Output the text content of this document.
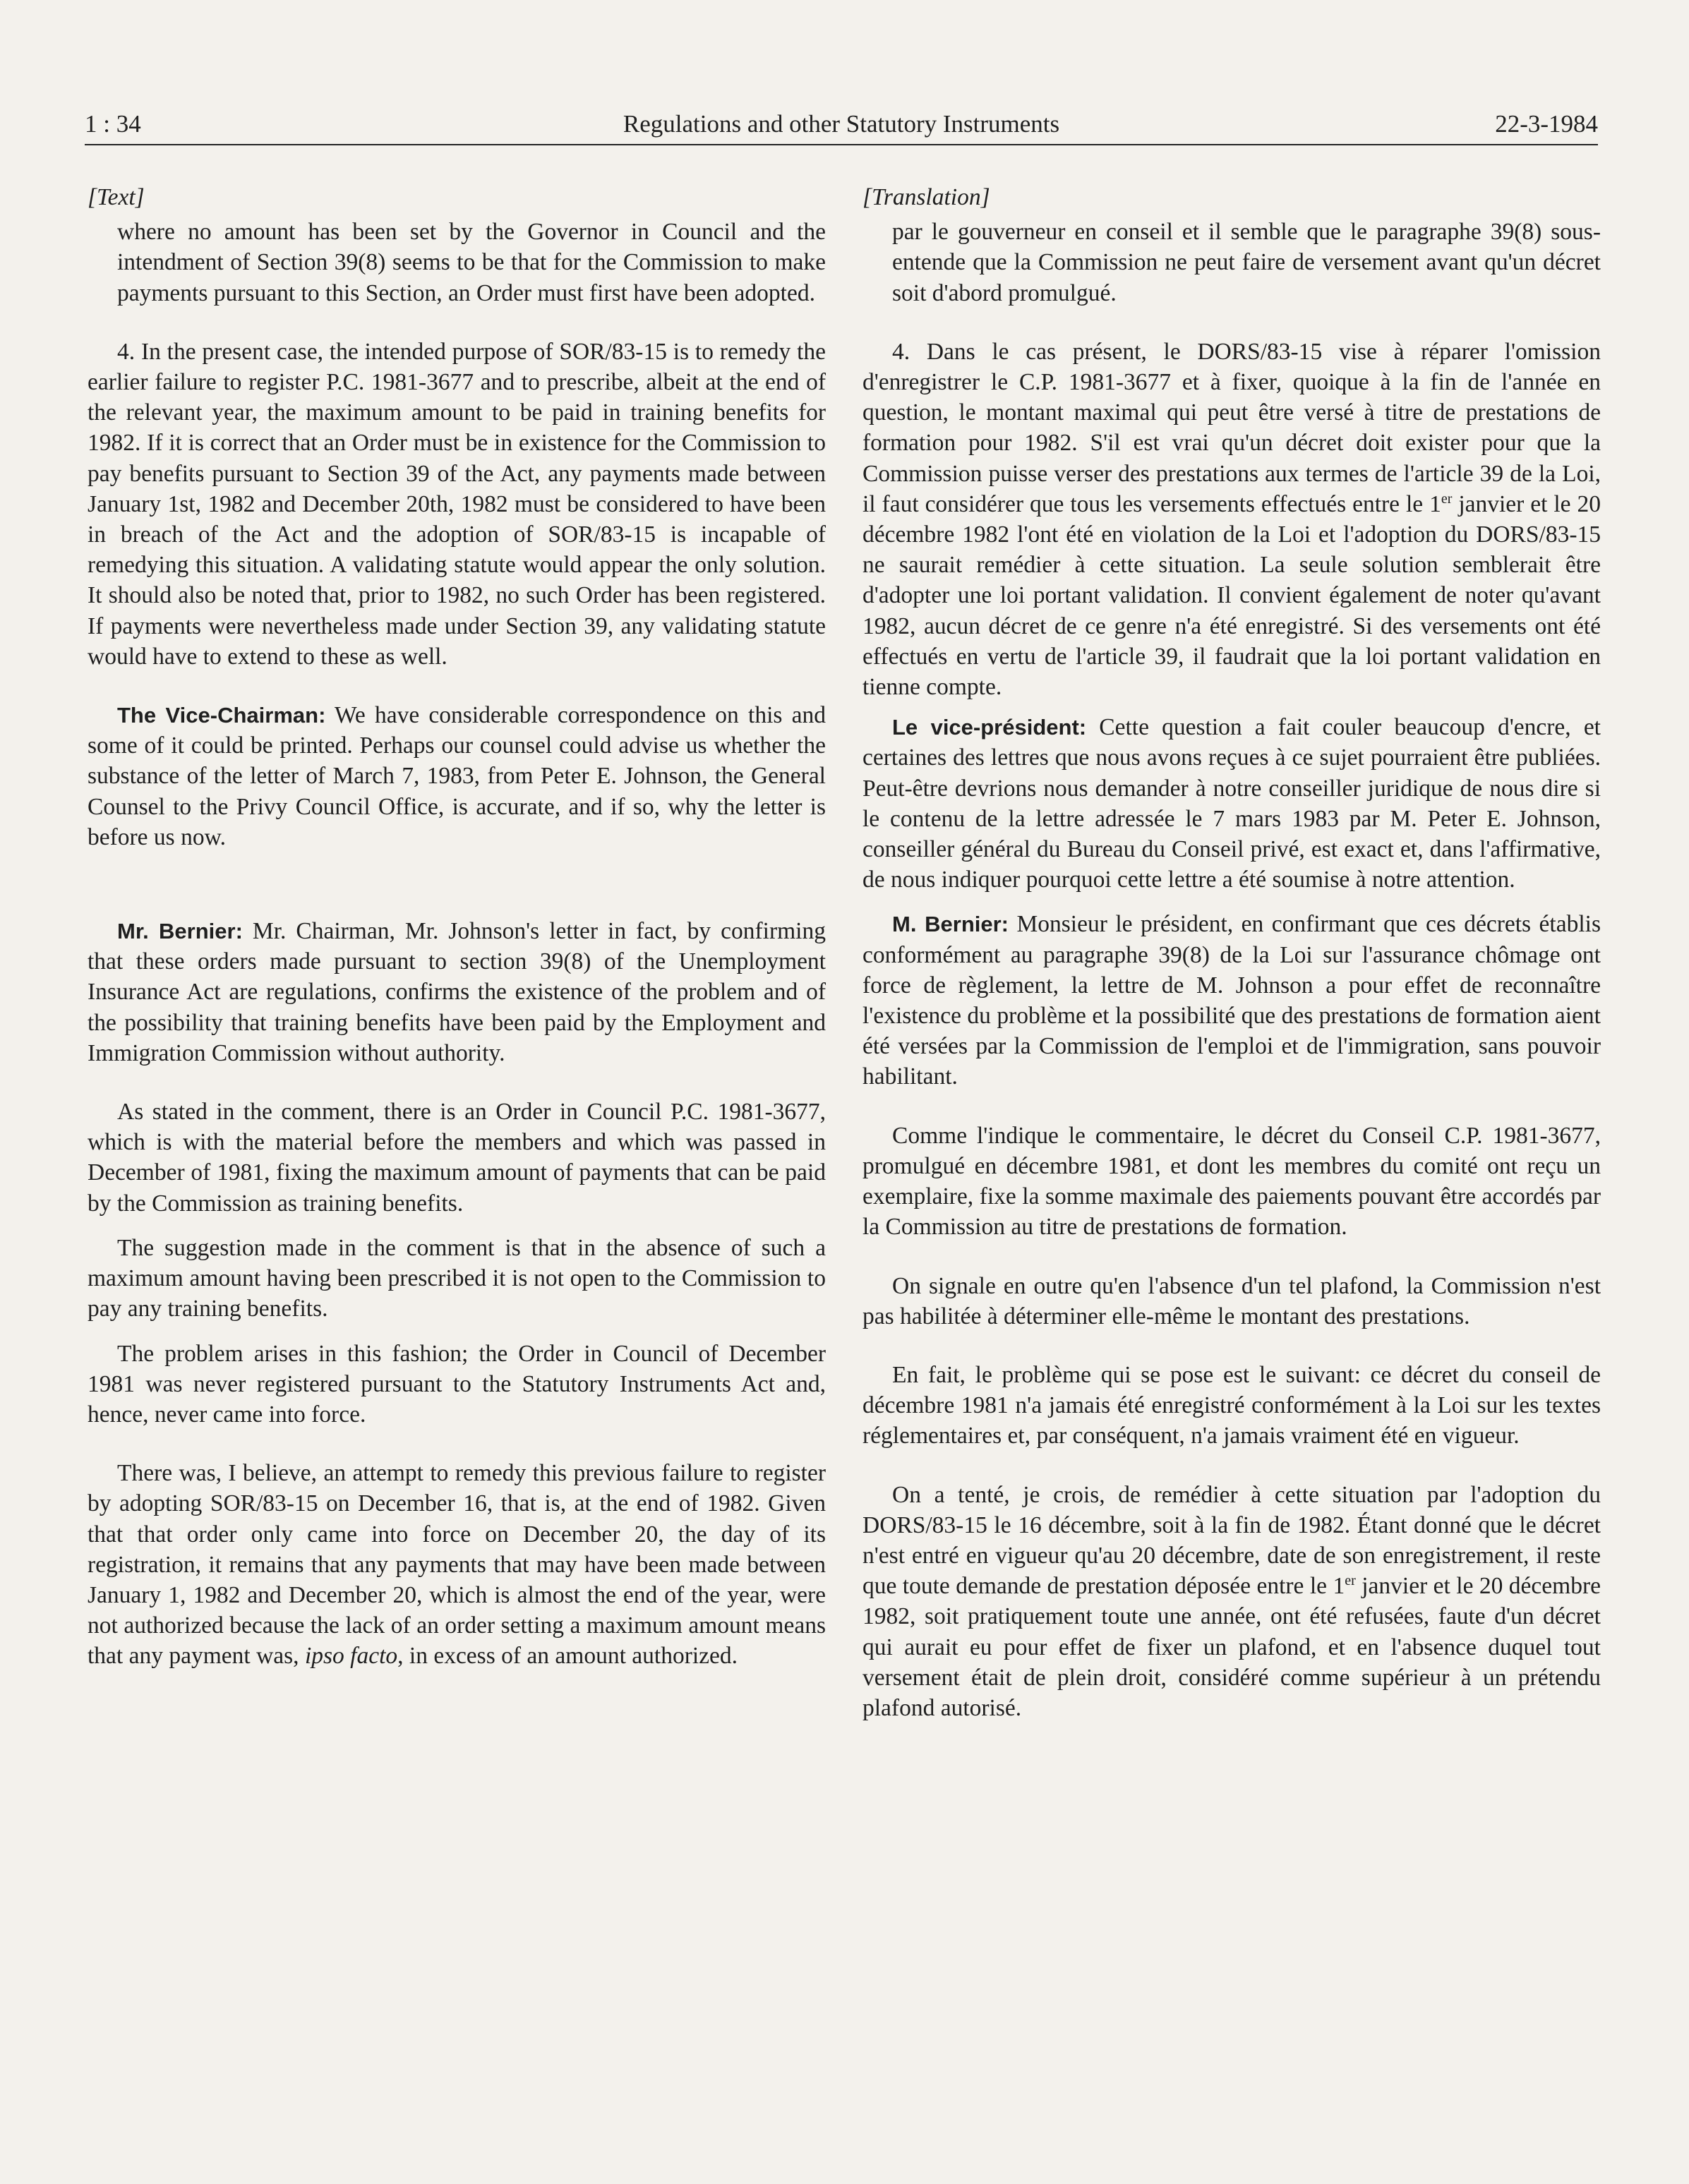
1 : 34	Regulations and other Statutory Instruments	22-3-1984
[Text]

where no amount has been set by the Governor in Council and the intendment of Section 39(8) seems to be that for the Commission to make payments pursuant to this Section, an Order must first have been adopted.

4. In the present case, the intended purpose of SOR/83-15 is to remedy the earlier failure to register P.C. 1981-3677 and to prescribe, albeit at the end of the relevant year, the maximum amount to be paid in training benefits for 1982. If it is correct that an Order must be in existence for the Commission to pay benefits pursuant to Section 39 of the Act, any payments made between January 1st, 1982 and December 20th, 1982 must be considered to have been in breach of the Act and the adoption of SOR/83-15 is incapable of remedying this situation. A validating statute would appear the only solution. It should also be noted that, prior to 1982, no such Order has been registered. If payments were nevertheless made under Section 39, any validating statute would have to extend to these as well.

The Vice-Chairman: We have considerable correspondence on this and some of it could be printed. Perhaps our counsel could advise us whether the substance of the letter of March 7, 1983, from Peter E. Johnson, the General Counsel to the Privy Council Office, is accurate, and if so, why the letter is before us now.

Mr. Bernier: Mr. Chairman, Mr. Johnson's letter in fact, by confirming that these orders made pursuant to section 39(8) of the Unemployment Insurance Act are regulations, confirms the existence of the problem and of the possibility that training benefits have been paid by the Employment and Immigration Commission without authority.

As stated in the comment, there is an Order in Council P.C. 1981-3677, which is with the material before the members and which was passed in December of 1981, fixing the maximum amount of payments that can be paid by the Commission as training benefits.

The suggestion made in the comment is that in the absence of such a maximum amount having been prescribed it is not open to the Commission to pay any training benefits.

The problem arises in this fashion; the Order in Council of December 1981 was never registered pursuant to the Statutory Instruments Act and, hence, never came into force.

There was, I believe, an attempt to remedy this previous failure to register by adopting SOR/83-15 on December 16, that is, at the end of 1982. Given that that order only came into force on December 20, the day of its registration, it remains that any payments that may have been made between January 1, 1982 and December 20, which is almost the end of the year, were not authorized because the lack of an order setting a maximum amount means that any payment was, ipso facto, in excess of an amount authorized.

[Translation]

par le gouverneur en conseil et il semble que le paragraphe 39(8) sous-entende que la Commission ne peut faire de versement avant qu'un décret soit d'abord promulgué.

4. Dans le cas présent, le DORS/83-15 vise à réparer l'omission d'enregistrer le C.P. 1981-3677 et à fixer, quoique à la fin de l'année en question, le montant maximal qui peut être versé à titre de prestations de formation pour 1982. S'il est vrai qu'un décret doit exister pour que la Commission puisse verser des prestations aux termes de l'article 39 de la Loi, il faut considérer que tous les versements effectués entre le 1er janvier et le 20 décembre 1982 l'ont été en violation de la Loi et l'adoption du DORS/83-15 ne saurait remédier à cette situation. La seule solution semblerait être d'adopter une loi portant validation. Il convient également de noter qu'avant 1982, aucun décret de ce genre n'a été enregistré. Si des versements ont été effectués en vertu de l'article 39, il faudrait que la loi portant validation en tienne compte.

Le vice-président: Cette question a fait couler beaucoup d'encre, et certaines des lettres que nous avons reçues à ce sujet pourraient être publiées. Peut-être devrions nous demander à notre conseiller juridique de nous dire si le contenu de la lettre adressée le 7 mars 1983 par M. Peter E. Johnson, conseiller général du Bureau du Conseil privé, est exact et, dans l'affirmative, de nous indiquer pourquoi cette lettre a été soumise à notre attention.

M. Bernier: Monsieur le président, en confirmant que ces décrets établis conformément au paragraphe 39(8) de la Loi sur l'assurance chômage ont force de règlement, la lettre de M. Johnson a pour effet de reconnaître l'existence du problème et la possibilité que des prestations de formation aient été versées par la Commission de l'emploi et de l'immigration, sans pouvoir habilitant.

Comme l'indique le commentaire, le décret du Conseil C.P. 1981-3677, promulgué en décembre 1981, et dont les membres du comité ont reçu un exemplaire, fixe la somme maximale des paiements pouvant être accordés par la Commission au titre de prestations de formation.

On signale en outre qu'en l'absence d'un tel plafond, la Commission n'est pas habilitée à déterminer elle-même le montant des prestations.

En fait, le problème qui se pose est le suivant: ce décret du conseil de décembre 1981 n'a jamais été enregistré conformément à la Loi sur les textes réglementaires et, par conséquent, n'a jamais vraiment été en vigueur.

On a tenté, je crois, de remédier à cette situation par l'adoption du DORS/83-15 le 16 décembre, soit à la fin de 1982. Étant donné que le décret n'est entré en vigueur qu'au 20 décembre, date de son enregistrement, il reste que toute demande de prestation déposée entre le 1er janvier et le 20 décembre 1982, soit pratiquement toute une année, ont été refusées, faute d'un décret qui aurait eu pour effet de fixer un plafond, et en l'absence duquel tout versement était de plein droit, considéré comme supérieur à un prétendu plafond autorisé.
